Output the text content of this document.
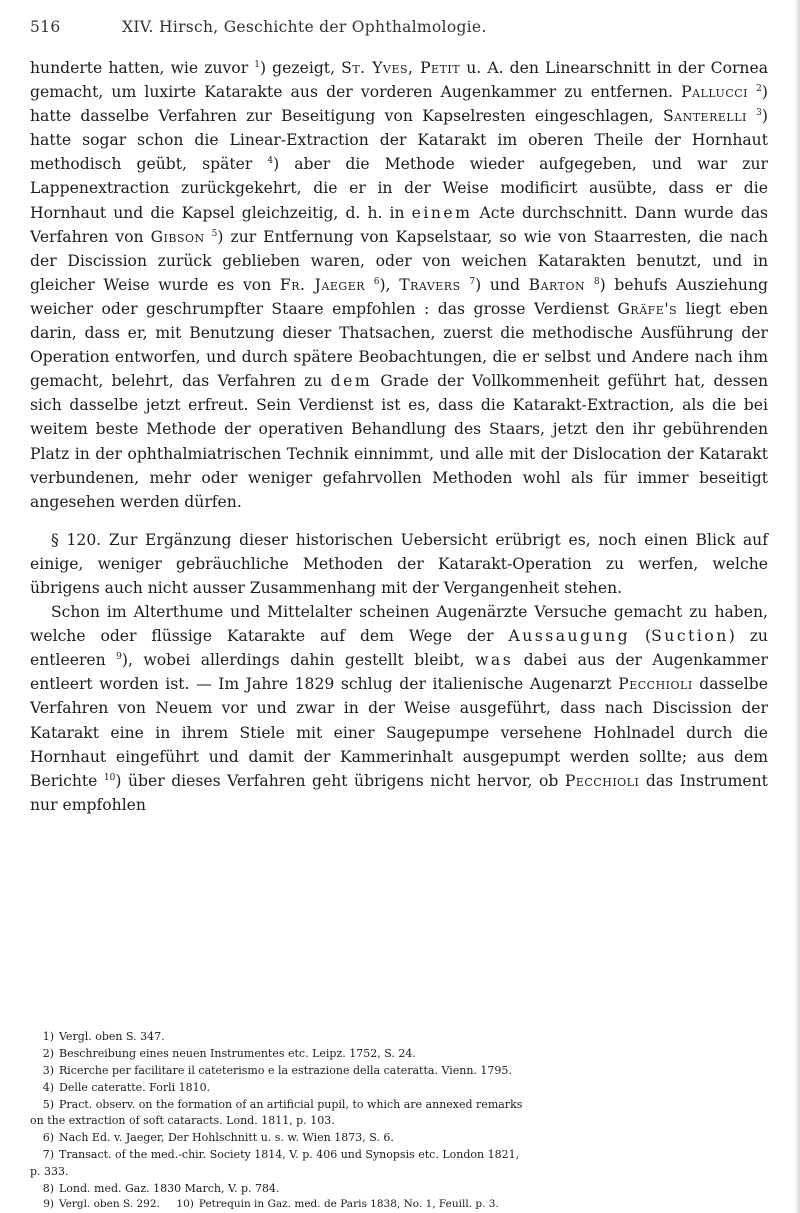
516	XIV. Hirsch, Geschichte der Ophthalmologie.

hunderte hatten, wie zuvor $^1$) gezeigt, St. Yves, Petit u. A. den Linearschnitt in der Cornea gemacht, um luxirte Katarakte aus der vorderen Augenkammer zu entfernen. Pallucci $^2$) hatte dasselbe Verfahren zur Beseitigung von Kapselresten eingeschlagen, Santerelli $^3$) hatte sogar schon die Linear-Extraction der Katarakt im oberen Theile der Hornhaut methodisch geübt, später $^4$) aber die Methode wieder aufgegeben, und war zur Lappenextraction zurückgekehrt, die er in der Weise modificirt ausübte, dass er die Hornhaut und die Kapsel gleichzeitig, d. h. in einem Acte durchschnitt. Dann wurde das Verfahren von Gibson $^5$) zur Entfernung von Kapselstaar, so wie von Staarresten, die nach der Discission zurück geblieben waren, oder von weichen Katarakten benutzt, und in gleicher Weise wurde es von Fr. Jaeger $^6$), Travers $^7$) und Barton $^8$) behufs Ausziehung weicher oder geschrumpfter Staare empfohlen : das grosse Verdienst Gräfe's liegt eben darin, dass er, mit Benutzung dieser Thatsachen, zuerst die methodische Ausführung der Operation entworfen, und durch spätere Beobachtungen, die er selbst und Andere nach ihm gemacht, belehrt, das Verfahren zu dem Grade der Vollkommenheit geführt hat, dessen sich dasselbe jetzt erfreut. Sein Verdienst ist es, dass die Katarakt-Extraction, als die bei weitem beste Methode der operativen Behandlung des Staars, jetzt den ihr gebührenden Platz in der ophthalmiatrischen Technik einnimmt, und alle mit der Dislocation der Katarakt verbundenen, mehr oder weniger gefahrvollen Methoden wohl als für immer beseitigt angesehen werden dürfen.

§ 120. Zur Ergänzung dieser historischen Uebersicht erübrigt es, noch einen Blick auf einige, weniger gebräuchliche Methoden der Katarakt-Operation zu werfen, welche übrigens auch nicht ausser Zusammenhang mit der Vergangenheit stehen.

Schon im Alterthume und Mittelalter scheinen Augenärzte Versuche gemacht zu haben, welche oder flüssige Katarakte auf dem Wege der Aussaugung (Suction) zu entleeren $^9$), wobei allerdings dahin gestellt bleibt, was dabei aus der Augenkammer entleert worden ist. — Im Jahre 1829 schlug der italienische Augenarzt Pecchioli dasselbe Verfahren von Neuem vor und zwar in der Weise ausgeführt, dass nach Discission der Katarakt eine in ihrem Stiele mit einer Saugepumpe versehene Hohlnadel durch die Hornhaut eingeführt und damit der Kammerinhalt ausgepumpt werden sollte; aus dem Berichte $^{10}$) über dieses Verfahren geht übrigens nicht hervor, ob Pecchioli das Instrument nur empfohlen

1) Vergl. oben S. 347.
2) Beschreibung eines neuen Instrumentes etc. Leipz. 1752, S. 24.
3) Ricerche per facilitare il cateterismo e la estrazione della cateratta. Vienn. 1795.
4) Delle cateratte. Forli 1810.
5) Pract. observ. on the formation of an artificial pupil, to which are annexed remarks
on the extraction of soft cataracts. Lond. 1811, p. 103.
6) Nach Ed. v. Jaeger, Der Hohlschnitt u. s. w. Wien 1873, S. 6.
7) Transact. of the med.-chir. Society 1814, V. p. 406 und Synopsis etc. London 1821,
p. 333.
8) Lond. med. Gaz. 1830 March, V. p. 784.
9) Vergl. oben S. 292. 10) Petrequin in Gaz. med. de Paris 1838, No. 1, Feuill. p. 3.
